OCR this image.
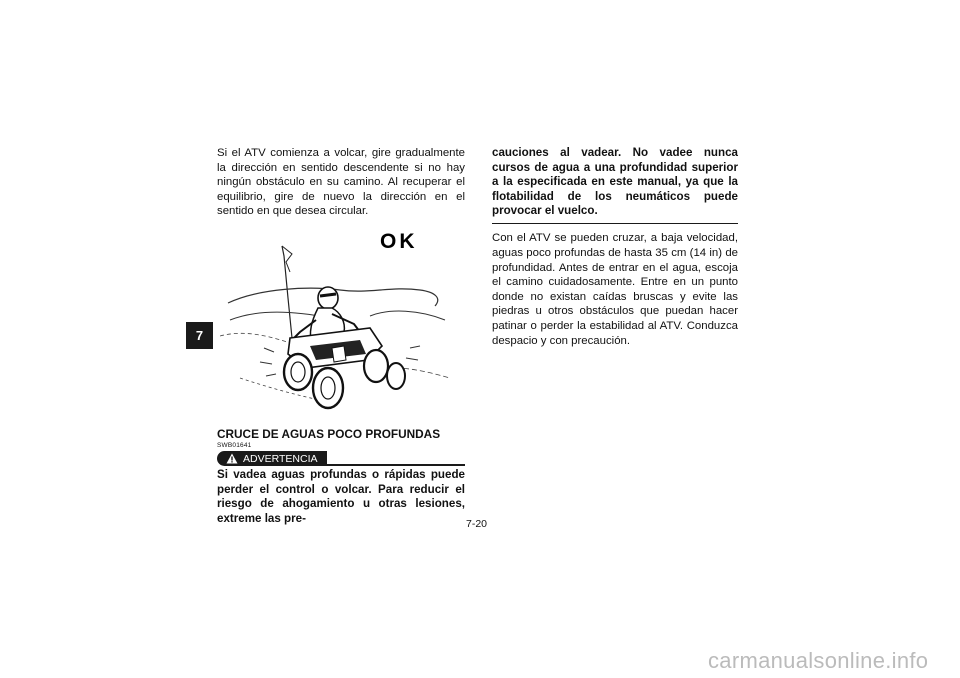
7

Si el ATV comienza a volcar, gire gradualmente la dirección en sentido descendente si no hay ningún obstáculo en su camino. Al recuperar el equilibrio, gire de nuevo la dirección en el sentido en que desea circular.

OK

CRUCE DE AGUAS POCO PROFUNDAS

SWB01641

ADVERTENCIA

Si vadea aguas profundas o rápidas puede perder el control o volcar. Para reducir el riesgo de ahogamiento u otras lesiones, extreme las pre-

cauciones al vadear. No vadee nunca cursos de agua a una profundidad superior a la especificada en este manual, ya que la flotabilidad de los neumáticos puede provocar el vuelco.

Con el ATV se pueden cruzar, a baja velocidad, aguas poco profundas de hasta 35 cm (14 in) de profundidad. Antes de entrar en el agua, escoja el camino cuidadosamente. Entre en un punto donde no existan caídas bruscas y evite las piedras u otros obstáculos que puedan hacer patinar o perder la estabilidad al ATV. Conduzca despacio y con precaución.

7-20

carmanualsonline.info
